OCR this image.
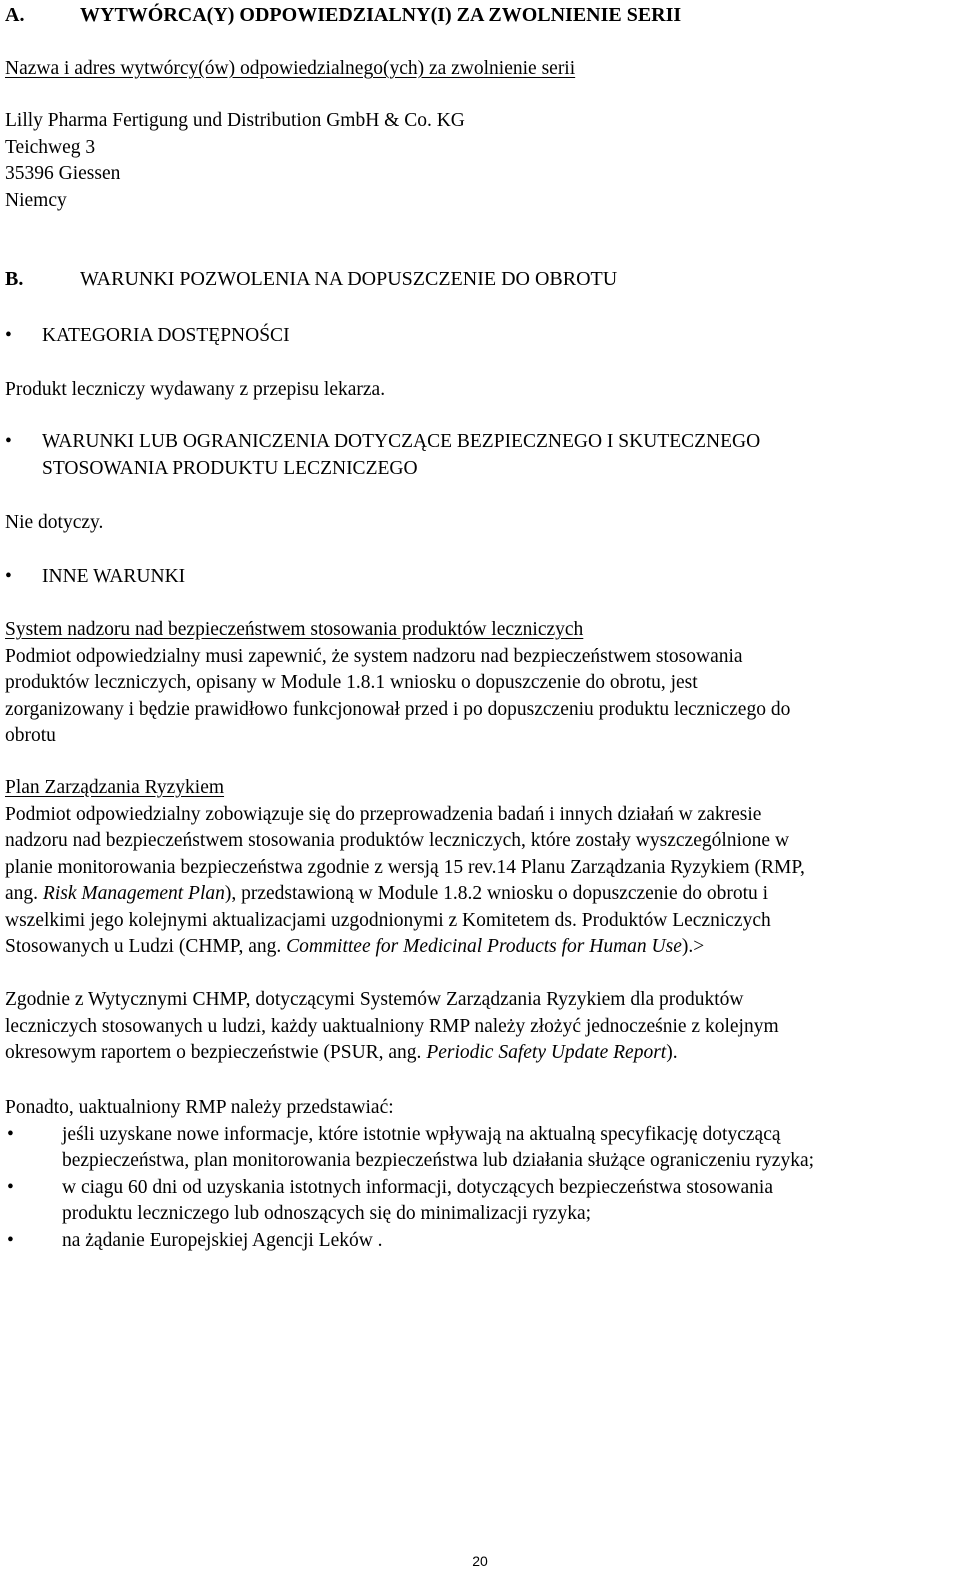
A.	WYTWÓRCA(Y) ODPOWIEDZIALNY(I) ZA ZWOLNIENIE SERII
Nazwa i adres wytwórcy(ów) odpowiedzialnego(ych) za zwolnienie serii
Lilly Pharma Fertigung und Distribution GmbH & Co. KG
Teichweg 3
35396 Giessen
Niemcy
B.	WARUNKI POZWOLENIA NA DOPUSZCZENIE DO OBROTU
•	KATEGORIA DOSTĘPNOŚCI
Produkt leczniczy wydawany z przepisu lekarza.
•	WARUNKI LUB OGRANICZENIA DOTYCZĄCE BEZPIECZNEGO I SKUTECZNEGO
STOSOWANIA PRODUKTU LECZNICZEGO
Nie dotyczy.
•	INNE WARUNKI
System nadzoru nad bezpieczeństwem stosowania produktów leczniczych
Podmiot odpowiedzialny musi zapewnić, że system nadzoru nad bezpieczeństwem stosowania
produktów leczniczych, opisany w Module 1.8.1 wniosku o dopuszczenie do obrotu, jest
zorganizowany i będzie prawidłowo funkcjonował przed i po dopuszczeniu produktu leczniczego do
obrotu
Plan Zarządzania Ryzykiem
Podmiot odpowiedzialny zobowiązuje się do przeprowadzenia badań i innych działań w zakresie
nadzoru nad bezpieczeństwem stosowania produktów leczniczych, które zostały wyszczególnione w
planie monitorowania bezpieczeństwa zgodnie z wersją 15 rev.14 Planu Zarządzania Ryzykiem (RMP,
ang. Risk Management Plan), przedstawioną w Module 1.8.2 wniosku o dopuszczenie do obrotu i
wszelkimi jego kolejnymi aktualizacjami uzgodnionymi z Komitetem ds. Produktów Leczniczych
Stosowanych u Ludzi (CHMP, ang. Committee for Medicinal Products for Human Use).>
Zgodnie z Wytycznymi CHMP, dotyczącymi Systemów Zarządzania Ryzykiem dla produktów
leczniczych stosowanych u ludzi, każdy uaktualniony RMP należy złożyć jednocześnie z kolejnym
okresowym raportem o bezpieczeństwie (PSUR, ang. Periodic Safety Update Report).
Ponadto, uaktualniony RMP należy przedstawiać:
•	jeśli uzyskane nowe informacje, które istotnie wpływają na aktualną specyfikację dotyczącą
bezpieczeństwa, plan monitorowania bezpieczeństwa lub działania służące ograniczeniu ryzyka;
•	w ciagu 60 dni od uzyskania istotnych informacji, dotyczących bezpieczeństwa stosowania
produktu leczniczego lub odnoszących się do minimalizacji ryzyka;
•	na żądanie Europejskiej Agencji Leków .
20
